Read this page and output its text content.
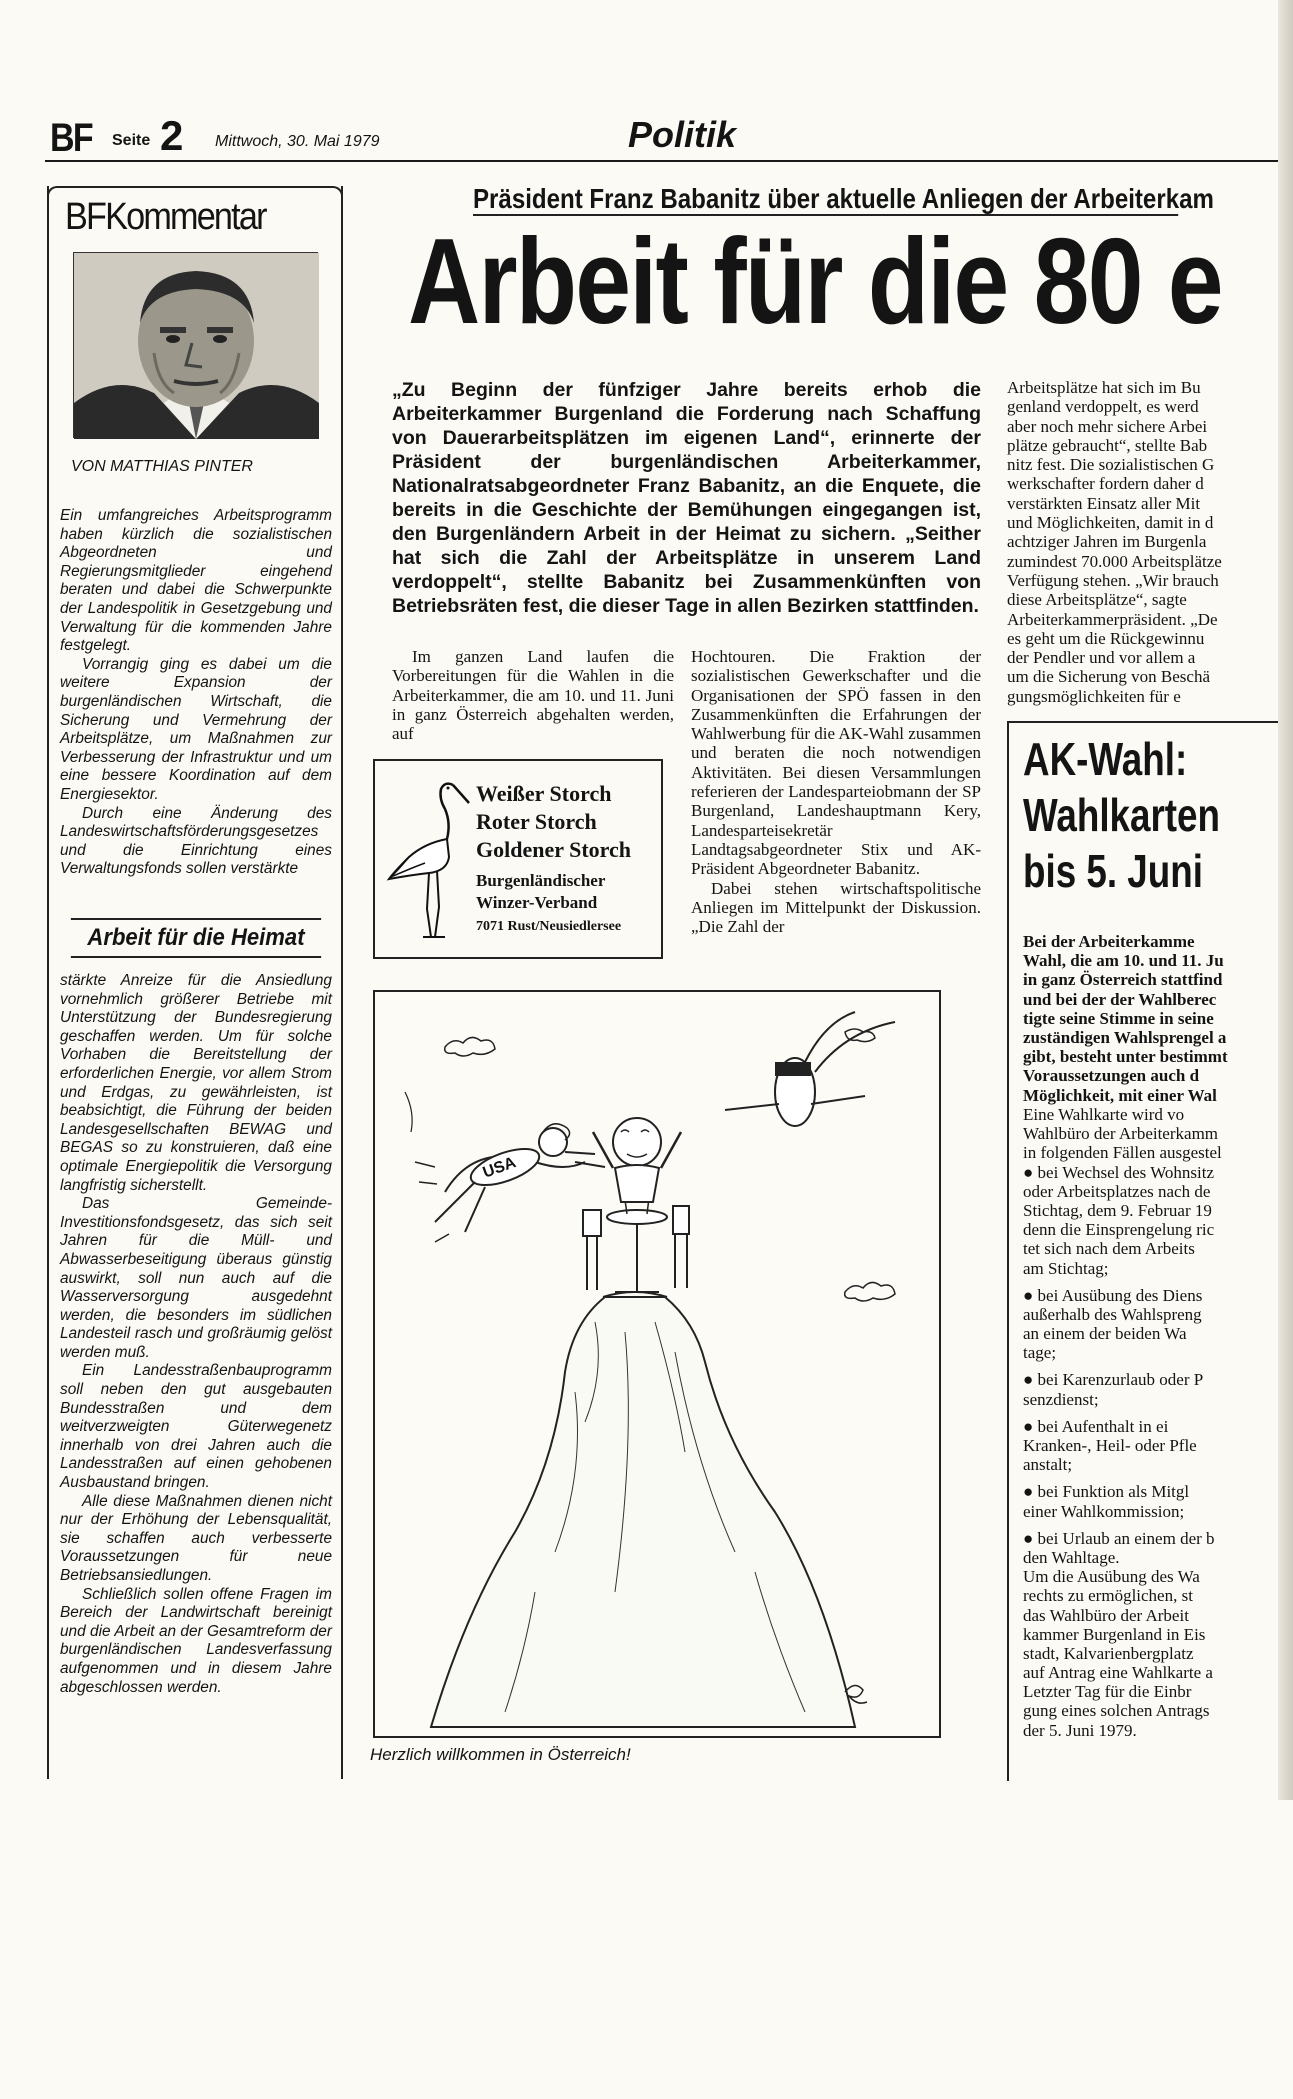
BF Seite 2 Mittwoch, 30. Mai 1979	Politik
BFKommentar
VON MATTHIAS PINTER

Ein umfangreiches Arbeitsprogramm haben kürzlich die sozialistischen Abgeordneten und Regierungsmitglieder eingehend beraten und dabei die Schwerpunkte der Landespolitik in Gesetzgebung und Verwaltung für die kommenden Jahre festgelegt.

Vorrangig ging es dabei um die weitere Expansion der burgenländischen Wirtschaft, die Sicherung und Vermehrung der Arbeitsplätze, um Maßnahmen zur Verbesserung der Infrastruktur und um eine bessere Koordination auf dem Energiesektor.

Durch eine Änderung des Landeswirtschaftsförderungsgesetzes und die Einrichtung eines Verwaltungsfonds sollen verstärkte

Arbeit für die Heimat

stärkte Anreize für die Ansiedlung vornehmlich größerer Betriebe mit Unterstützung der Bundesregierung geschaffen werden. Um für solche Vorhaben die Bereitstellung der erforderlichen Energie, vor allem Strom und Erdgas, zu gewährleisten, ist beabsichtigt, die Führung der beiden Landesgesellschaften BEWAG und BEGAS so zu konstruieren, daß eine optimale Energiepolitik die Versorgung langfristig sicherstellt.

Das Gemeinde-Investitionsfondsgesetz, das sich seit Jahren für die Müll- und Abwasserbeseitigung überaus günstig auswirkt, soll nun auch auf die Wasserversorgung ausgedehnt werden, die besonders im südlichen Landesteil rasch und großräumig gelöst werden muß.

Ein Landesstraßenbauprogramm soll neben den gut ausgebauten Bundesstraßen und dem weitverzweigten Güterwegenetz innerhalb von drei Jahren auch die Landesstraßen auf einen gehobenen Ausbaustand bringen.

Alle diese Maßnahmen dienen nicht nur der Erhöhung der Lebensqualität, sie schaffen auch verbesserte Voraussetzungen für neue Betriebsansiedlungen.

Schließlich sollen offene Fragen im Bereich der Landwirtschaft bereinigt und die Arbeit an der Gesamtreform der burgenländischen Landesverfassung aufgenommen und in diesem Jahre abgeschlossen werden.

Präsident Franz Babanitz über aktuelle Anliegen der Arbeiterkam
Arbeit für die 80 e
„Zu Beginn der fünfziger Jahre bereits erhob die Arbeiterkammer Burgenland die Forderung nach Schaffung von Dauerarbeitsplätzen im eigenen Land“, erinnerte der Präsident der burgenländischen Arbeiterkammer, Nationalratsabgeordneter Franz Babanitz, an die Enquete, die bereits in die Geschichte der Bemühungen eingegangen ist, den Burgenländern Arbeit in der Heimat zu sichern. „Seither hat sich die Zahl der Arbeitsplätze in unserem Land verdoppelt“, stellte Babanitz bei Zusammenkünften von Betriebsräten fest, die dieser Tage in allen Bezirken stattfinden.

Im ganzen Land laufen die Vorbereitungen für die Wahlen in die Arbeiterkammer, die am 10. und 11. Juni in ganz Österreich abgehalten werden, auf

Hochtouren. Die Fraktion der sozialistischen Gewerkschafter und die Organisationen der SPÖ fassen in den Zusammenkünften die Erfahrungen der Wahlwerbung für die AK-Wahl zusammen und beraten die noch notwendigen Aktivitäten. Bei diesen Versammlungen referieren der Landesparteiobmann der SP Burgenland, Landeshauptmann Kery, Landesparteisekretär Landtagsabgeordneter Stix und AK-Präsident Abgeordneter Babanitz.

Dabei stehen wirtschaftspolitische Anliegen im Mittelpunkt der Diskussion. „Die Zahl der

Arbeitsplätze hat sich im Bu
genland verdoppelt, es werd
aber noch mehr sichere Arbei
plätze gebraucht“, stellte Bab
nitz fest. Die sozialistischen G
werkschafter fordern daher d
verstärkten Einsatz aller Mit
und Möglichkeiten, damit in d
achtziger Jahren im Burgenla
zumindest 70.000 Arbeitsplätze
Verfügung stehen. „Wir brauch
diese Arbeitsplätze“, sagte
Arbeiterkammerpräsident. „De
es geht um die Rückgewinnu
der Pendler und vor allem a
um die Sicherung von Beschä
gungsmöglichkeiten für e
Weißer Storch
Roter Storch
Goldener Storch
Burgenländischer
Winzer-Verband
7071 Rust/Neusiedlersee
USA
Herzlich willkommen in Österreich!
AK-Wahl:
Wahlkarten
bis 5. Juni
Bei der Arbeiterkamme
Wahl, die am 10. und 11. Ju
in ganz Österreich stattfind
und bei der der Wahlberec
tigte seine Stimme in seine
zuständigen Wahlsprengel a
gibt, besteht unter bestimmt
Voraussetzungen auch d
Möglichkeit, mit einer Wal
Eine Wahlkarte wird vo
Wahlbüro der Arbeiterkamm
in folgenden Fällen ausgestel
● bei Wechsel des Wohnsitz
oder Arbeitsplatzes nach de
Stichtag, dem 9. Februar 19
denn die Einsprengelung ric
tet sich nach dem Arbeits
am Stichtag;
● bei Ausübung des Diens
außerhalb des Wahlspreng
an einem der beiden Wa
tage;
● bei Karenzurlaub oder P
senzdienst;
● bei Aufenthalt in ei
Kranken-, Heil- oder Pfle
anstalt;
● bei Funktion als Mitgl
einer Wahlkommission;
● bei Urlaub an einem der b
den Wahltage.
Um die Ausübung des Wa
rechts zu ermöglichen, st
das Wahlbüro der Arbeit
kammer Burgenland in Eis
stadt, Kalvarienbergplatz
auf Antrag eine Wahlkarte a
Letzter Tag für die Einbr
gung eines solchen Antrags
der 5. Juni 1979.
